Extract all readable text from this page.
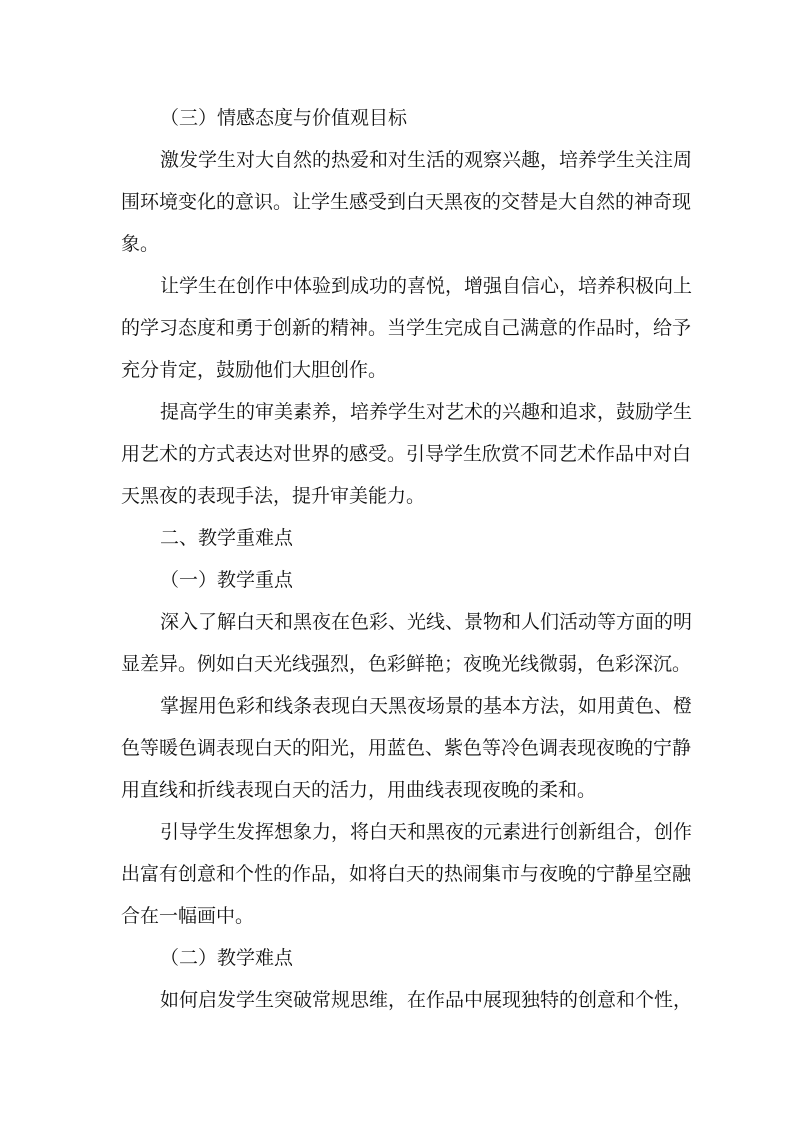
（三）情感态度与价值观目标
激发学生对大自然的热爱和对生活的观察兴趣，培养学生关注周
围环境变化的意识。让学生感受到白天黑夜的交替是大自然的神奇现
象。
让学生在创作中体验到成功的喜悦，增强自信心，培养积极向上
的学习态度和勇于创新的精神。当学生完成自己满意的作品时，给予
充分肯定，鼓励他们大胆创作。
提高学生的审美素养，培养学生对艺术的兴趣和追求，鼓励学生
用艺术的方式表达对世界的感受。引导学生欣赏不同艺术作品中对白
天黑夜的表现手法，提升审美能力。
二、教学重难点
（一）教学重点
深入了解白天和黑夜在色彩、光线、景物和人们活动等方面的明
显差异。例如白天光线强烈，色彩鲜艳；夜晚光线微弱，色彩深沉。
掌握用色彩和线条表现白天黑夜场景的基本方法，如用黄色、橙
色等暖色调表现白天的阳光，用蓝色、紫色等冷色调表现夜晚的宁静
用直线和折线表现白天的活力，用曲线表现夜晚的柔和。
引导学生发挥想象力，将白天和黑夜的元素进行创新组合，创作
出富有创意和个性的作品，如将白天的热闹集市与夜晚的宁静星空融
合在一幅画中。
（二）教学难点
如何启发学生突破常规思维，在作品中展现独特的创意和个性，
